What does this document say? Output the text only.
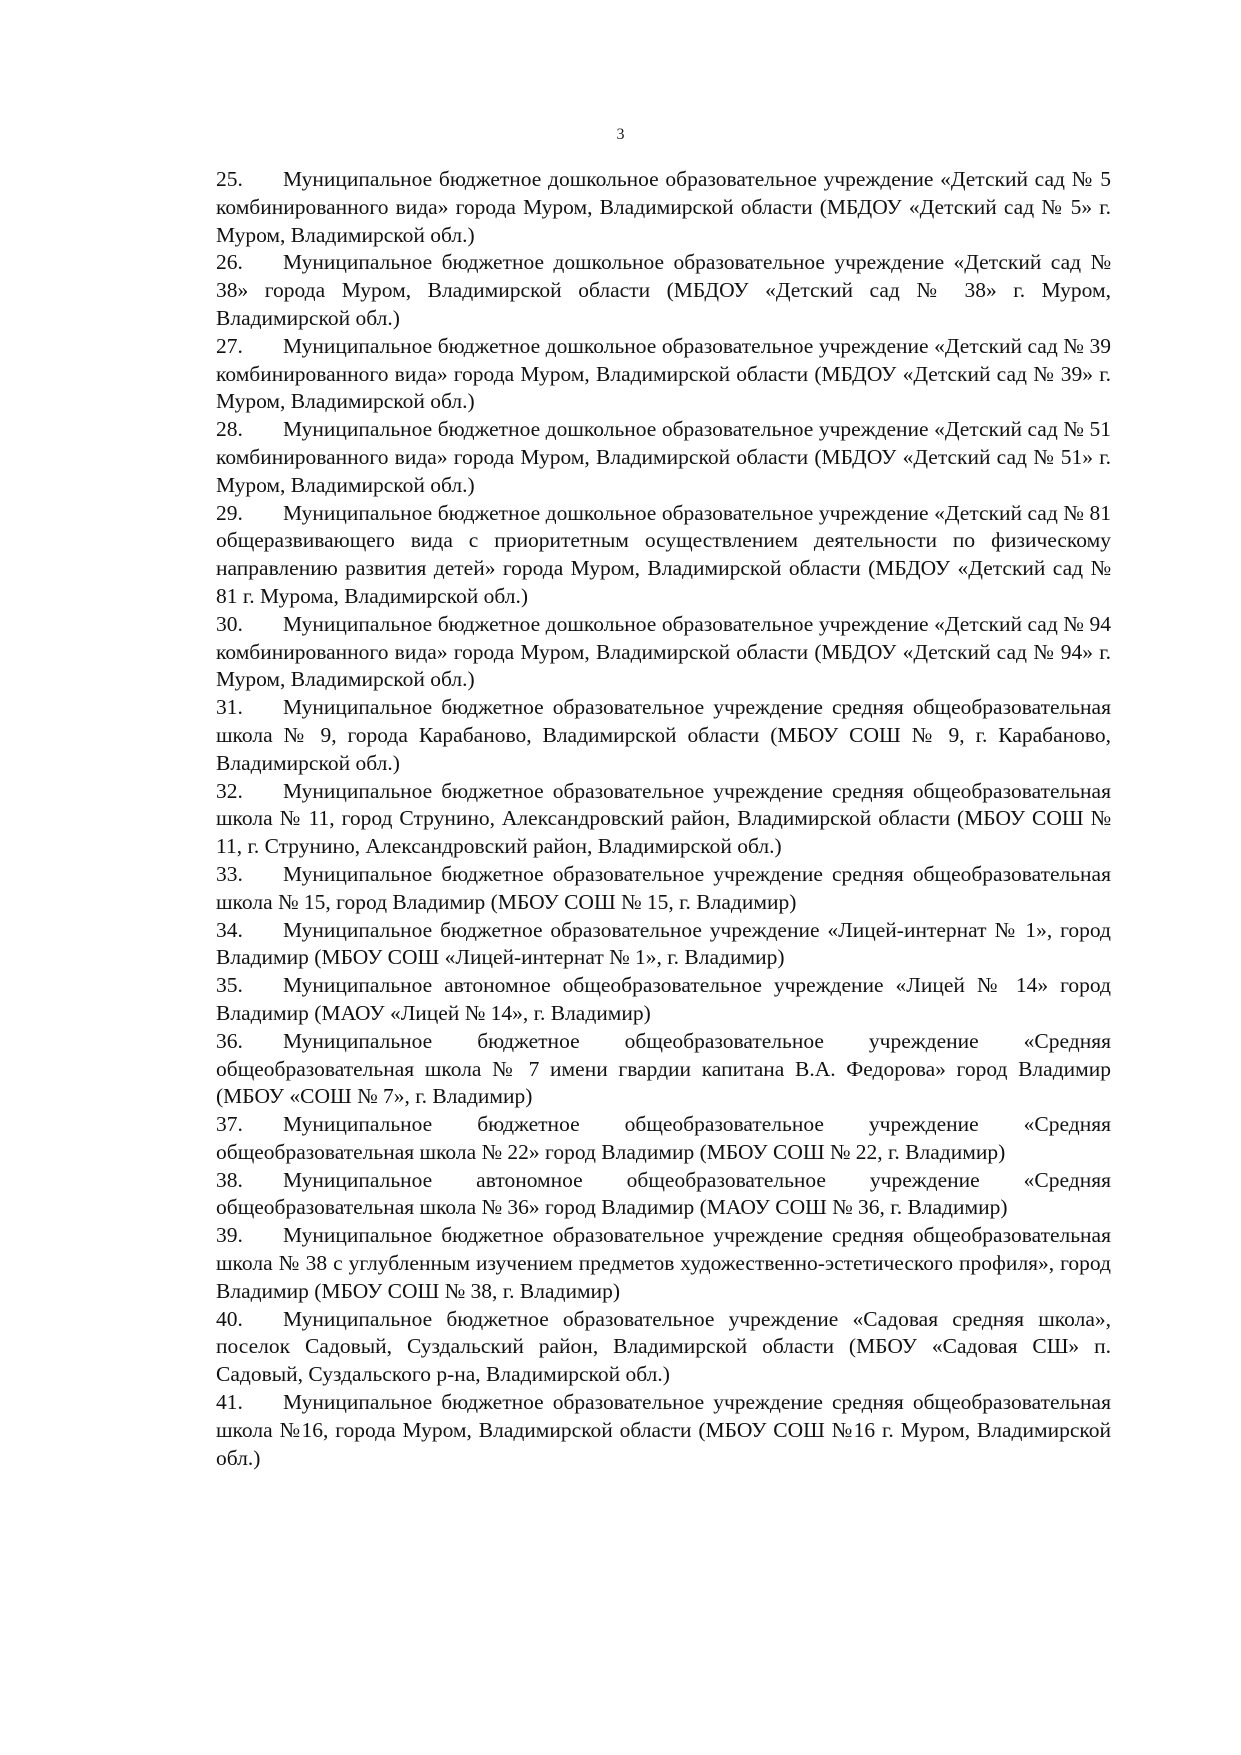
3

25. Муниципальное бюджетное дошкольное образовательное учреждение «Детский сад № 5 комбинированного вида» города Муром, Владимирской области (МБДОУ «Детский сад № 5» г. Муром, Владимирской обл.)

26. Муниципальное бюджетное дошкольное образовательное учреждение «Детский сад № 38» города Муром, Владимирской области (МБДОУ «Детский сад № 38» г. Муром, Владимирской обл.)

27. Муниципальное бюджетное дошкольное образовательное учреждение «Детский сад № 39 комбинированного вида» города Муром, Владимирской области (МБДОУ «Детский сад № 39» г. Муром, Владимирской обл.)

28. Муниципальное бюджетное дошкольное образовательное учреждение «Детский сад № 51 комбинированного вида» города Муром, Владимирской области (МБДОУ «Детский сад № 51» г. Муром, Владимирской обл.)

29. Муниципальное бюджетное дошкольное образовательное учреждение «Детский сад № 81 общеразвивающего вида с приоритетным осуществлением деятельности по физическому направлению развития детей» города Муром, Владимирской области (МБДОУ «Детский сад № 81 г. Мурома, Владимирской обл.)

30. Муниципальное бюджетное дошкольное образовательное учреждение «Детский сад № 94 комбинированного вида» города Муром, Владимирской области (МБДОУ «Детский сад № 94» г. Муром, Владимирской обл.)

31. Муниципальное бюджетное образовательное учреждение средняя общеобразовательная школа № 9, города Карабаново, Владимирской области (МБОУ СОШ № 9, г. Карабаново, Владимирской обл.)

32. Муниципальное бюджетное образовательное учреждение средняя общеобразовательная школа № 11, город Струнино, Александровский район, Владимирской области (МБОУ СОШ № 11, г. Струнино, Александровский район, Владимирской обл.)

33. Муниципальное бюджетное образовательное учреждение средняя общеобразовательная школа № 15, город Владимир (МБОУ СОШ № 15, г. Владимир)

34. Муниципальное бюджетное образовательное учреждение «Лицей-интернат № 1», город Владимир (МБОУ СОШ «Лицей-интернат № 1», г. Владимир)

35. Муниципальное автономное общеобразовательное учреждение «Лицей № 14» город Владимир (МАОУ «Лицей № 14», г. Владимир)

36. Муниципальное бюджетное общеобразовательное учреждение «Средняя общеобразовательная школа № 7 имени гвардии капитана В.А. Федорова» город Владимир (МБОУ «СОШ № 7», г. Владимир)

37. Муниципальное бюджетное общеобразовательное учреждение «Средняя общеобразовательная школа № 22» город Владимир (МБОУ СОШ № 22, г. Владимир)

38. Муниципальное автономное общеобразовательное учреждение «Средняя общеобразовательная школа № 36» город Владимир (МАОУ СОШ № 36, г. Владимир)

39. Муниципальное бюджетное образовательное учреждение средняя общеобразовательная школа № 38 с углубленным изучением предметов художественно-эстетического профиля», город Владимир (МБОУ СОШ № 38, г. Владимир)

40. Муниципальное бюджетное образовательное учреждение «Садовая средняя школа», поселок Садовый, Суздальский район, Владимирской области (МБОУ «Садовая СШ» п. Садовый, Суздальского р-на, Владимирской обл.)

41. Муниципальное бюджетное образовательное учреждение средняя общеобразовательная школа №16, города Муром, Владимирской области (МБОУ СОШ №16 г. Муром, Владимирской обл.)
